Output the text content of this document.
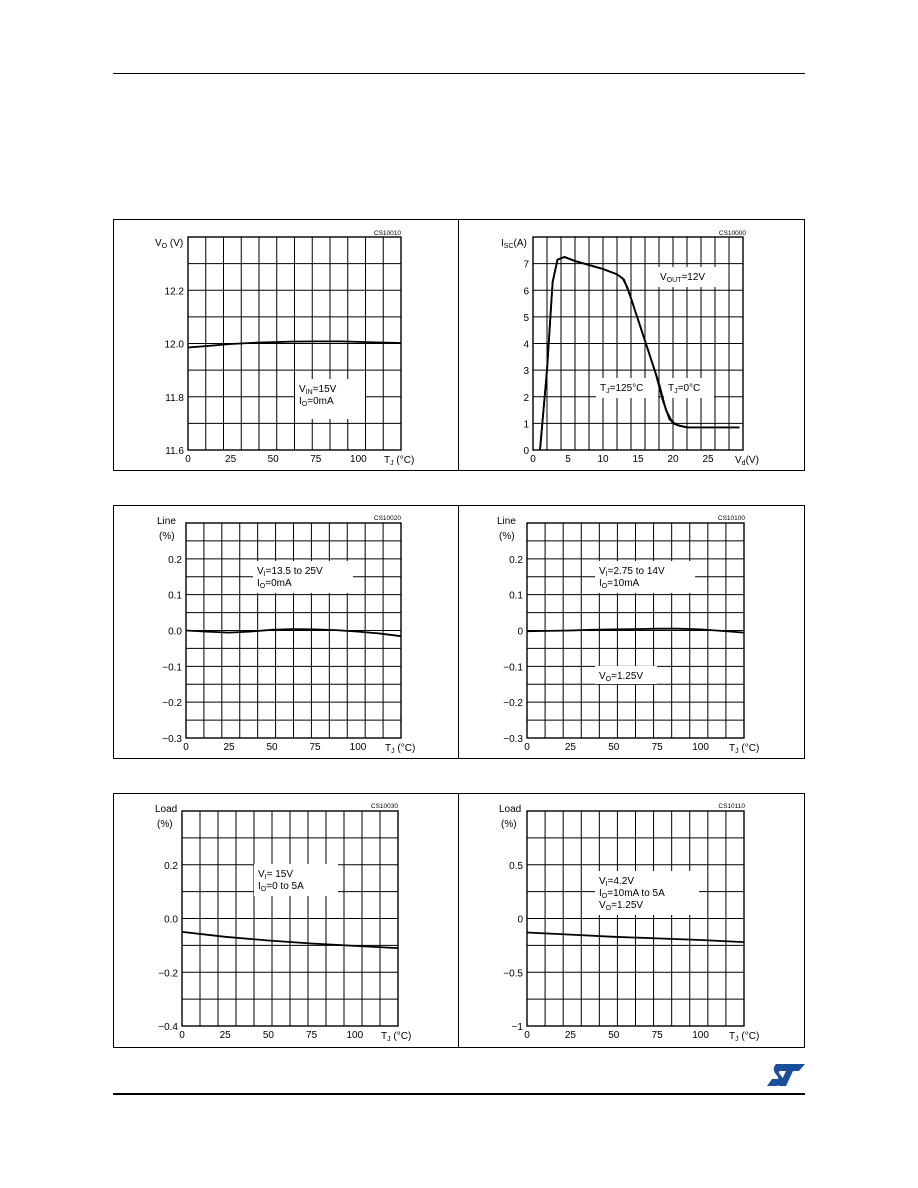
$V_{IN}=15V$
$I_O=0mA$
0	25	50	75	100
11.6
11.8
12.0
12.2
$T_J$ (°C)
$V_O$ (V)
CS10010
$V_{OUT}=12V$
$T_J=125^\circ C$ $T_J=0^\circ C$
0	5	10 15 20 25
0
1
2
3
4
5
6
7
$V_d(V)$
$I_{SC}(A)$
CS10000
$V_I=13.5$ to 25V
$I_O=0mA$
0	25	50	75	100
−0.3
−0.2
−0.1
0.0
0.1
0.2
$T_J$ (°C)
Line
(%)
CS10020
$V_I=2.75$ to 14V
$I_O=10mA$
$V_O=1.25V$
0	25	50	75	100
−0.3
−0.2
−0.1
0
0.1
0.2
$T_J$ (°C)
Line
(%)
CS10100
$V_I= 15V$
$I_O=0$ to 5A
0	25	50	75	100
−0.4
−0.2
0.0
0.2
$T_J$ (°C)
Load
(%)
CS10030
$V_I=4.2V$
$I_O=10mA$ to 5A
$V_O=1.25V$
0	25	50	75	100
−1
−0.5
0
0.5
$T_J$ (°C)
Load
(%)
CS10110
